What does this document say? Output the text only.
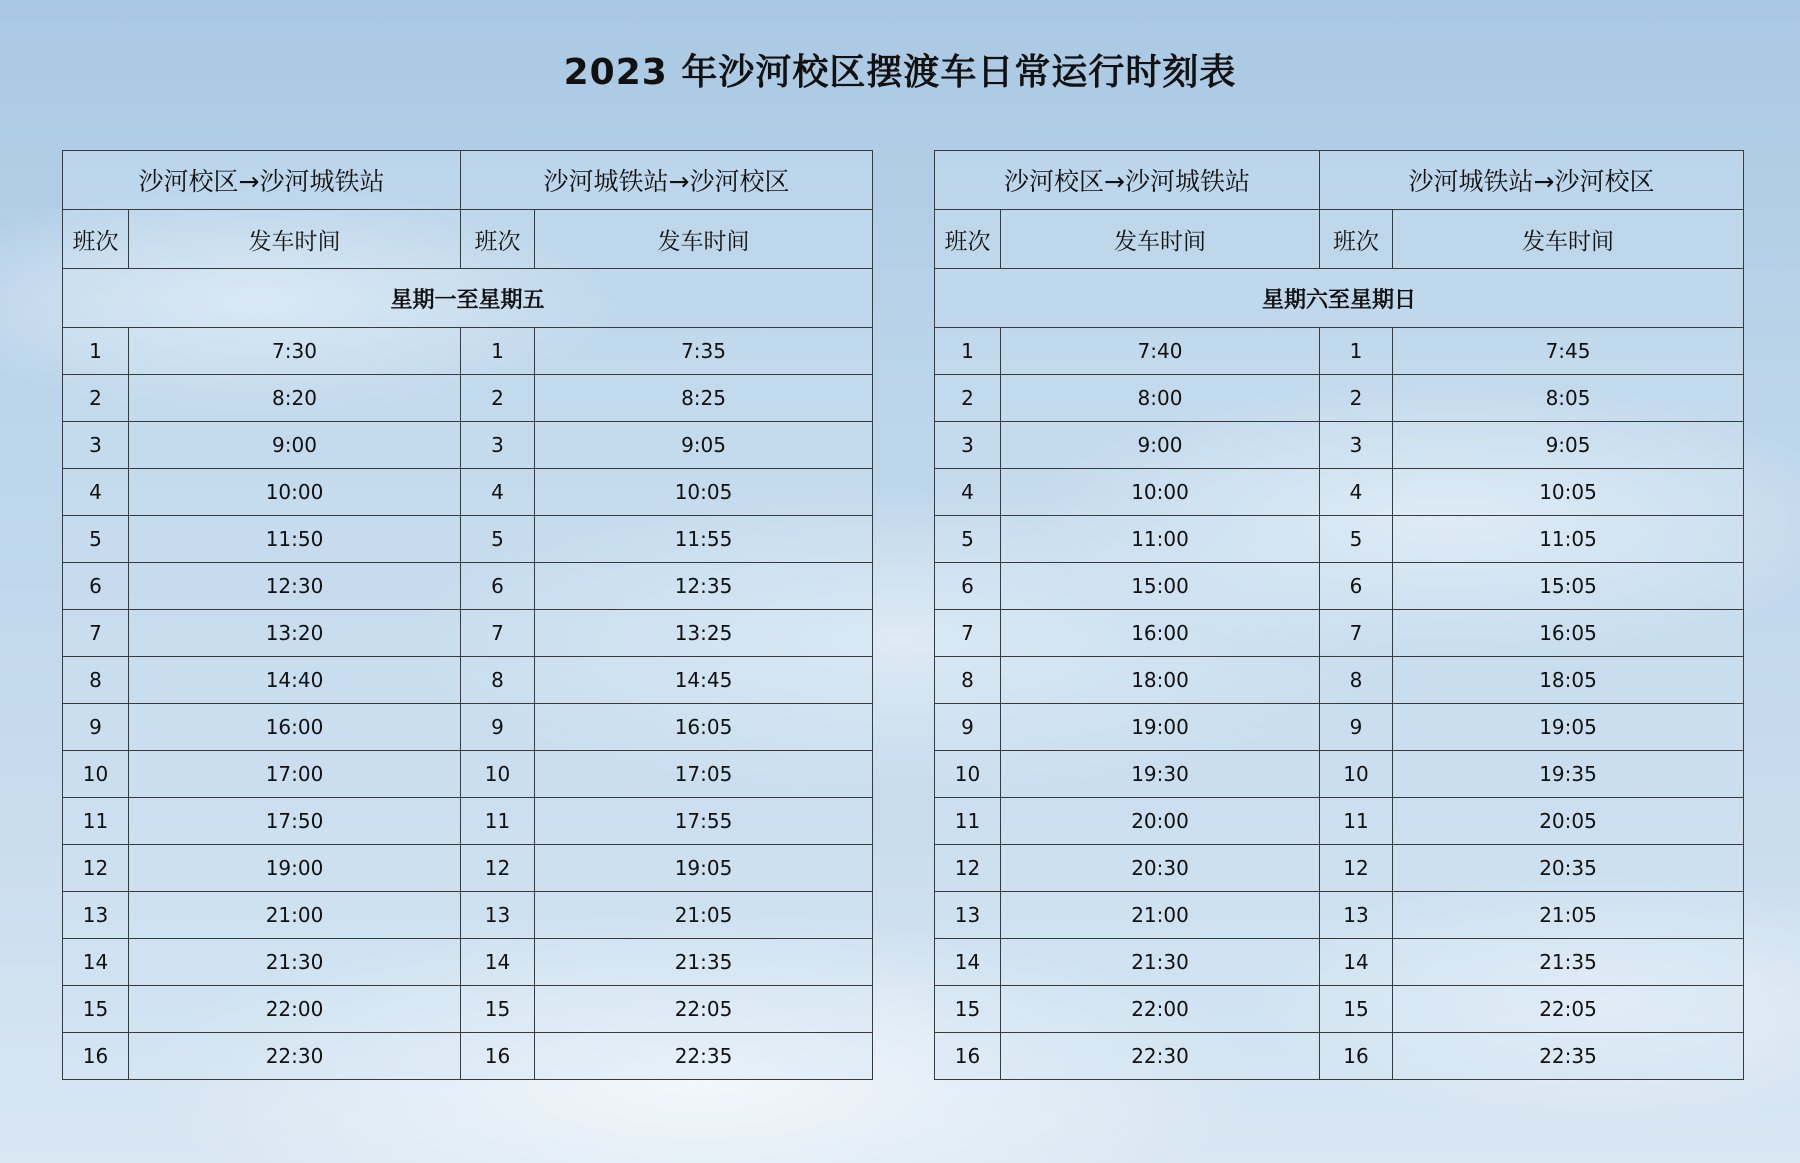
2023 年沙河校区摆渡车日常运行时刻表
沙河校区→沙河城铁站		沙河城铁站→沙河校区	
班次	发车时间	班次	发车时间
星期一至星期五			
1	7:30	1	7:35
2	8:20	2	8:25
3	9:00	3	9:05
4	10:00	4	10:05
5	11:50	5	11:55
6	12:30	6	12:35
7	13:20	7	13:25
8	14:40	8	14:45
9	16:00	9	16:05
10	17:00	10	17:05
11	17:50	11	17:55
12	19:00	12	19:05
13	21:00	13	21:05
14	21:30	14	21:35
15	22:00	15	22:05
16	22:30	16	22:35
沙河校区→沙河城铁站		沙河城铁站→沙河校区	
班次	发车时间	班次	发车时间
星期六至星期日			
1	7:40	1	7:45
2	8:00	2	8:05
3	9:00	3	9:05
4	10:00	4	10:05
5	11:00	5	11:05
6	15:00	6	15:05
7	16:00	7	16:05
8	18:00	8	18:05
9	19:00	9	19:05
10	19:30	10	19:35
11	20:00	11	20:05
12	20:30	12	20:35
13	21:00	13	21:05
14	21:30	14	21:35
15	22:00	15	22:05
16	22:30	16	22:35
